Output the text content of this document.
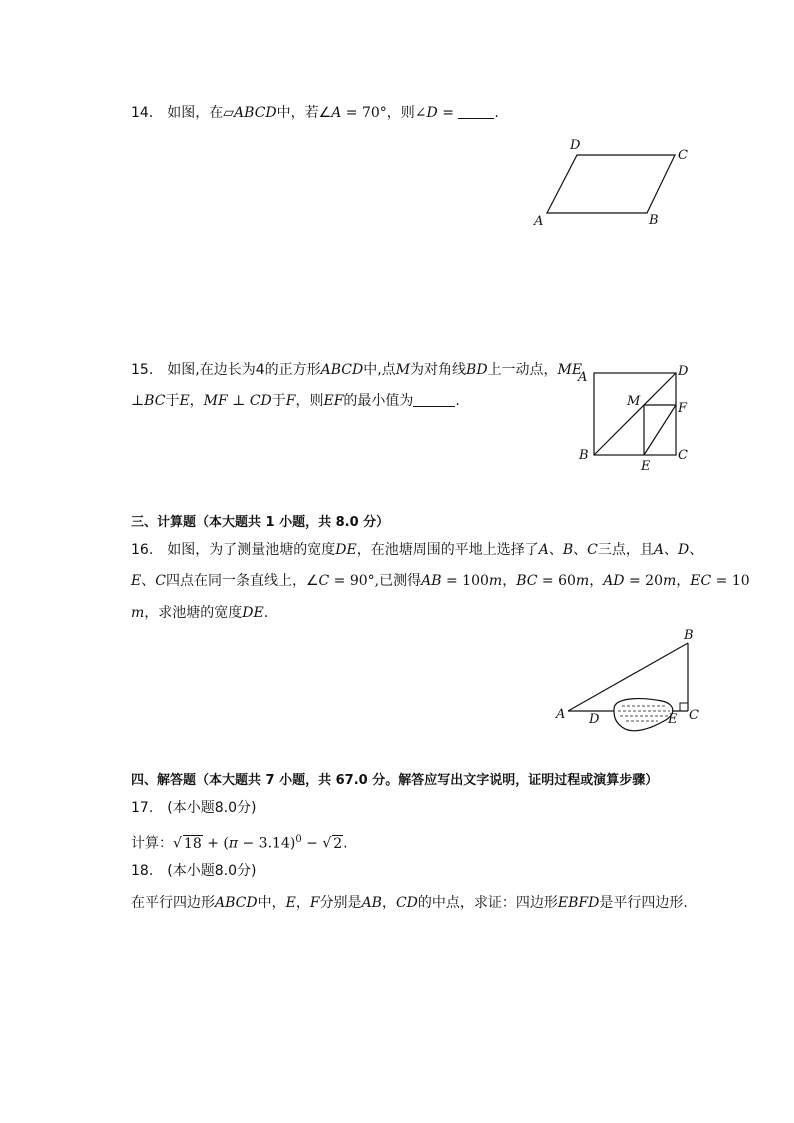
14. 如图，在▱ABCD中，若∠A = 70°，则∠D =	.
D
C
A	B
15. 如图,在边长为4的正方形ABCD中,点M为对角线BD上一动点，ME
⊥BC于E，MF ⊥ CD于F，则EF的最小值为	.
A	D
M	F
B
E
C
三、计算题（本大题共 1 小题，共 8.0 分）
16. 如图，为了测量池塘的宽度DE，在池塘周围的平地上选择了A、B、C三点，且A、D、
E、C四点在同一条直线上，∠C = 90°,已测得AB = 100m，BC = 60m，AD = 20m，EC = 10
m，求池塘的宽度DE.
B
A D	E C
四、解答题（本大题共 7 小题，共 67.0 分。解答应写出文字说明，证明过程或演算步骤）
17. (本小题8.0分)
计算：√ $18 + (\pi - 3.14)^0$ − √ 2.
18. (本小题8.0分)
在平行四边形ABCD中，E，F分别是AB，CD的中点，求证：四边形EBFD是平行四边形.
